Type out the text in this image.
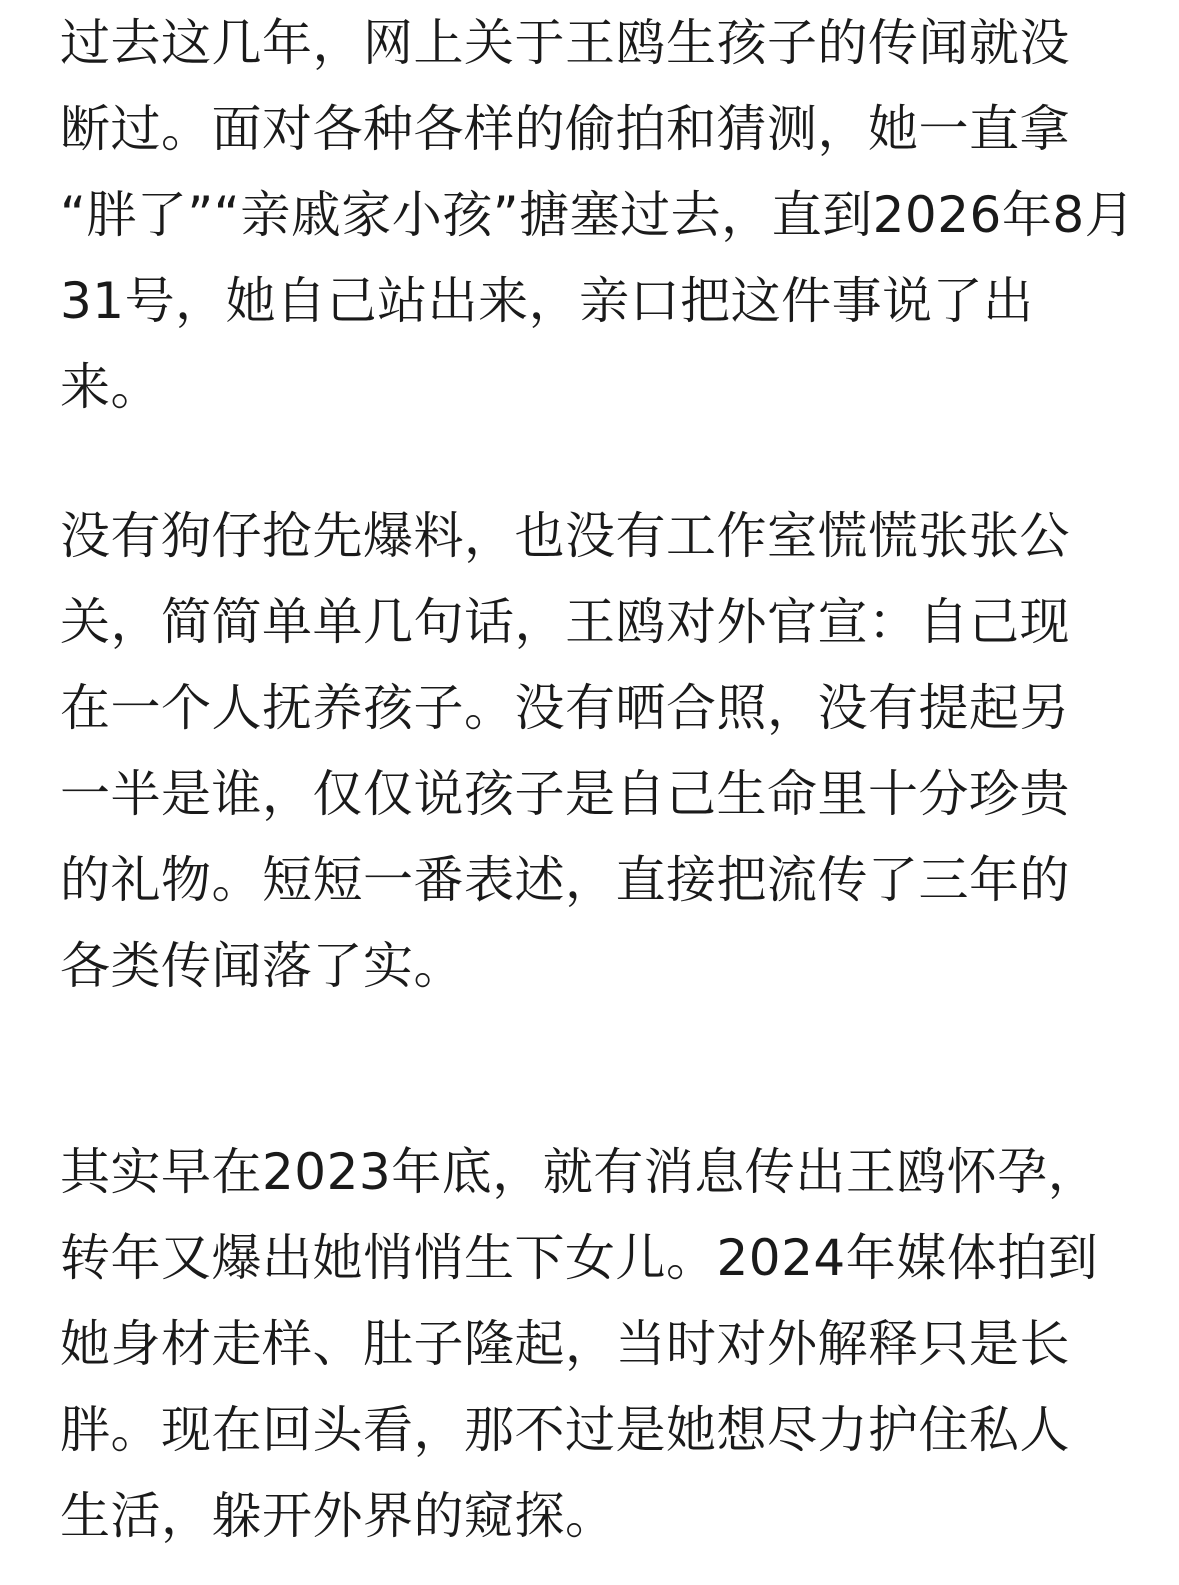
过去这几年，网上关于王鸥生孩子的传闻就没
断过。面对各种各样的偷拍和猜测，她一直拿
“胖了”“亲戚家小孩”搪塞过去，直到2026年8月
31号，她自己站出来，亲口把这件事说了出
来。
没有狗仔抢先爆料，也没有工作室慌慌张张公
关，简简单单几句话，王鸥对外官宣：自己现
在一个人抚养孩子。没有晒合照，没有提起另
一半是谁，仅仅说孩子是自己生命里十分珍贵
的礼物。短短一番表述，直接把流传了三年的
各类传闻落了实。
其实早在2023年底，就有消息传出王鸥怀孕，
转年又爆出她悄悄生下女儿。2024年媒体拍到
她身材走样、肚子隆起，当时对外解释只是长
胖。现在回头看，那不过是她想尽力护住私人
生活，躲开外界的窥探。
